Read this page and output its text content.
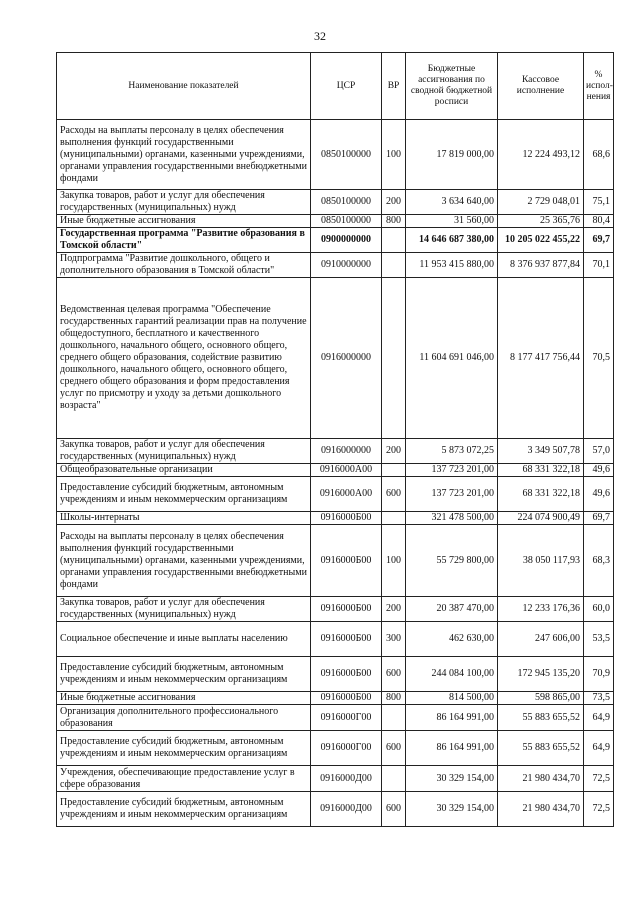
32
Наименование показателей	ЦСР	ВР	Бюджетные ассигнования по сводной бюджетной росписи	Кассовое исполнение	% испол-нения
Расходы на выплаты персоналу в целях обеспечения выполнения функций государственными (муниципальными) органами, казенными учреждениями, органами управления государственными внебюджетными фондами	0850100000	100	17 819 000,00	12 224 493,12	68,6
Закупка товаров, работ и услуг для обеспечения государственных (муниципальных) нужд	0850100000	200	3 634 640,00	2 729 048,01	75,1
Иные бюджетные ассигнования	0850100000	800	31 560,00	25 365,76	80,4
Государственная программа "Развитие образования в Томской области"	0900000000		14 646 687 380,00	10 205 022 455,22	69,7
Подпрограмма "Развитие дошкольного, общего и дополнительного образования в Томской области"	0910000000		11 953 415 880,00	8 376 937 877,84	70,1
Ведомственная целевая программа "Обеспечение государственных гарантий реализации прав на получение общедоступного, бесплатного и качественного дошкольного, начального общего, основного общего, среднего общего образования, содействие развитию дошкольного, начального общего, основного общего, среднего общего образования и форм предоставления услуг по присмотру и уходу за детьми дошкольного возраста"	0916000000		11 604 691 046,00	8 177 417 756,44	70,5
Закупка товаров, работ и услуг для обеспечения государственных (муниципальных) нужд	0916000000	200	5 873 072,25	3 349 507,78	57,0
Общеобразовательные организации	0916000А00		137 723 201,00	68 331 322,18	49,6
Предоставление субсидий бюджетным, автономным учреждениям и иным некоммерческим организациям	0916000А00	600	137 723 201,00	68 331 322,18	49,6
Школы-интернаты	0916000Б00		321 478 500,00	224 074 900,49	69,7
Расходы на выплаты персоналу в целях обеспечения выполнения функций государственными (муниципальными) органами, казенными учреждениями, органами управления государственными внебюджетными фондами	0916000Б00	100	55 729 800,00	38 050 117,93	68,3
Закупка товаров, работ и услуг для обеспечения государственных (муниципальных) нужд	0916000Б00	200	20 387 470,00	12 233 176,36	60,0
Социальное обеспечение и иные выплаты населению	0916000Б00	300	462 630,00	247 606,00	53,5
Предоставление субсидий бюджетным, автономным учреждениям и иным некоммерческим организациям	0916000Б00	600	244 084 100,00	172 945 135,20	70,9
Иные бюджетные ассигнования	0916000Б00	800	814 500,00	598 865,00	73,5
Организация дополнительного профессионального образования	0916000Г00		86 164 991,00	55 883 655,52	64,9
Предоставление субсидий бюджетным, автономным учреждениям и иным некоммерческим организациям	0916000Г00	600	86 164 991,00	55 883 655,52	64,9
Учреждения, обеспечивающие предоставление услуг в сфере образования	0916000Д00		30 329 154,00	21 980 434,70	72,5
Предоставление субсидий бюджетным, автономным учреждениям и иным некоммерческим организациям	0916000Д00	600	30 329 154,00	21 980 434,70	72,5
